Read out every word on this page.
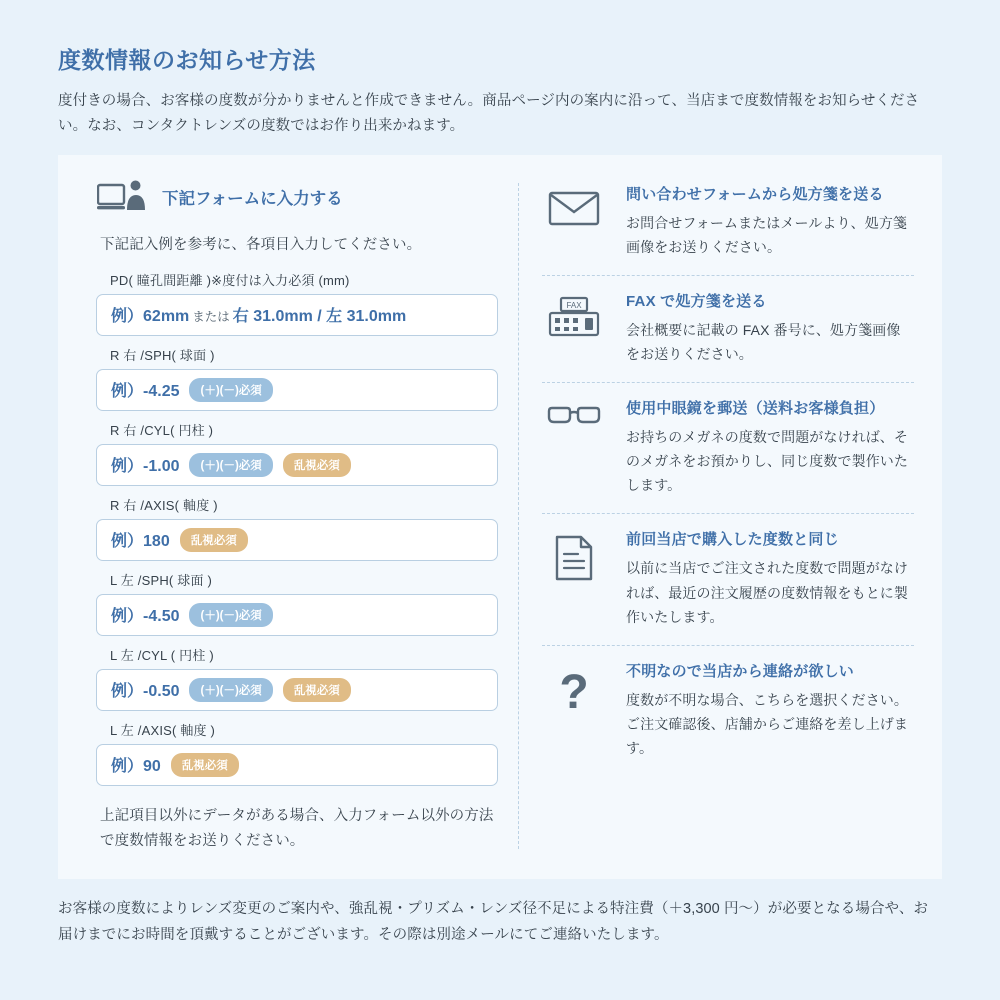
度数情報のお知らせ方法

度付きの場合、お客様の度数が分かりませんと作成できません。商品ページ内の案内に沿って、当店まで度数情報をお知らせください。なお、コンタクトレンズの度数ではお作り出来かねます。

下記フォームに入力する
下記記入例を参考に、各項目入力してください。
PD( 瞳孔間距離 )※度付は入力必須 (mm)
例）62mm または 右 31.0mm / 左 31.0mm
R 右 /SPH( 球面 )
例）-4.25	(＋)(－)必須
R 右 /CYL( 円柱 )
例）-1.00	(＋)(－)必須	乱視必須
R 右 /AXIS( 軸度 )
例）180	乱視必須
L 左 /SPH( 球面 )
例）-4.50	(＋)(－)必須
L 左 /CYL ( 円柱 )
例）-0.50	(＋)(－)必須	乱視必須
L 左 /AXIS( 軸度 )
例）90	乱視必須
上記項目以外にデータがある場合、入力フォーム以外の方法で度数情報をお送りください。
問い合わせフォームから処方箋を送る
お問合せフォームまたはメールより、処方箋画像をお送りください。
FAX	FAX で処方箋を送る
会社概要に記載の FAX 番号に、処方箋画像をお送りください。
使用中眼鏡を郵送（送料お客様負担）
お持ちのメガネの度数で問題がなければ、そのメガネをお預かりし、同じ度数で製作いたします。
前回当店で購入した度数と同じ
以前に当店でご注文された度数で問題がなければ、最近の注文履歴の度数情報をもとに製作いたします。
? 不明なので当店から連絡が欲しい
度数が不明な場合、こちらを選択ください。ご注文確認後、店舗からご連絡を差し上げます。

お客様の度数によりレンズ変更のご案内や、強乱視・プリズム・レンズ径不足による特注費（＋3,300 円〜）が必要となる場合や、お届けまでにお時間を頂戴することがございます。その際は別途メールにてご連絡いたします。
